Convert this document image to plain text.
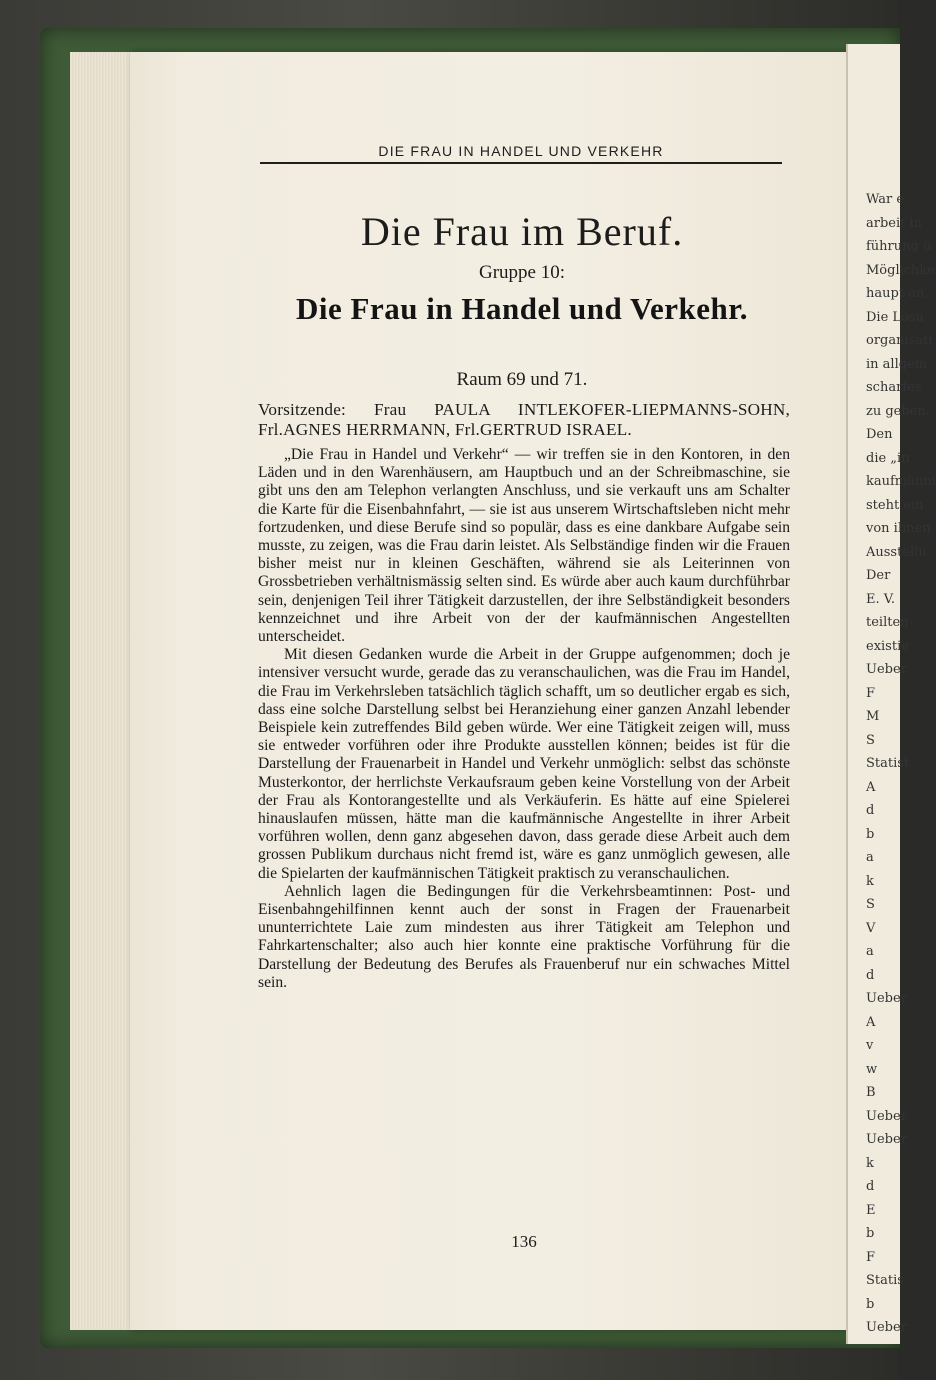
War e
arbeit in
führung ü
Möglichke
haupt an
Die Lösu
organisati
in allgem
scharfes
zu geben.
Den
die „in
kaufmänni
steht ein
von ihnen
Ausstellu
Der
E. V.
teilten
existie
Ueber
F
M
S
Statist
A
d
b
a
k
S
V
a
d
Ueber
A
v
w
B
Ueber
Ueber
k
d
E
b
F
Statis
b
Ueber
DIE FRAU IN HANDEL UND VERKEHR
Die Frau im Beruf.
Gruppe 10:
Die Frau in Handel und Verkehr.
Raum 69 und 71.
Vorsitzende: Frau PAULA INTLEKOFER-LIEPMANNS-SOHN, Frl.AGNES HERRMANN, Frl.GERTRUD ISRAEL.

„Die Frau in Handel und Verkehr“ — wir treffen sie in den Kontoren, in den Läden und in den Warenhäusern, am Hauptbuch und an der Schreibmaschine, sie gibt uns den am Telephon verlangten Anschluss, und sie verkauft uns am Schalter die Karte für die Eisenbahnfahrt, — sie ist aus unserem Wirtschaftsleben nicht mehr fortzudenken, und diese Berufe sind so populär, dass es eine dankbare Aufgabe sein musste, zu zeigen, was die Frau darin leistet. Als Selbständige finden wir die Frauen bisher meist nur in kleinen Geschäften, während sie als Leiterinnen von Grossbetrieben verhältnismässig selten sind. Es würde aber auch kaum durchführbar sein, denjenigen Teil ihrer Tätigkeit darzustellen, der ihre Selbständigkeit besonders kennzeichnet und ihre Arbeit von der der kaufmännischen Angestellten unterscheidet.

Mit diesen Gedanken wurde die Arbeit in der Gruppe aufgenommen; doch je intensiver versucht wurde, gerade das zu veranschaulichen, was die Frau im Handel, die Frau im Verkehrsleben tatsächlich täglich schafft, um so deutlicher ergab es sich, dass eine solche Darstellung selbst bei Heranziehung einer ganzen Anzahl lebender Beispiele kein zutreffendes Bild geben würde. Wer eine Tätigkeit zeigen will, muss sie entweder vorführen oder ihre Produkte ausstellen können; beides ist für die Darstellung der Frauenarbeit in Handel und Verkehr unmöglich: selbst das schönste Musterkontor, der herrlichste Verkaufsraum geben keine Vorstellung von der Arbeit der Frau als Kontorangestellte und als Verkäuferin. Es hätte auf eine Spielerei hinauslaufen müssen, hätte man die kaufmännische Angestellte in ihrer Arbeit vorführen wollen, denn ganz abgesehen davon, dass gerade diese Arbeit auch dem grossen Publikum durchaus nicht fremd ist, wäre es ganz unmöglich gewesen, alle die Spielarten der kaufmännischen Tätigkeit praktisch zu veranschaulichen.

Aehnlich lagen die Bedingungen für die Verkehrsbeamtinnen: Post- und Eisenbahngehilfinnen kennt auch der sonst in Fragen der Frauenarbeit ununterrichtete Laie zum mindesten aus ihrer Tätigkeit am Telephon und Fahrkartenschalter; also auch hier konnte eine praktische Vorführung für die Darstellung der Bedeutung des Berufes als Frauenberuf nur ein schwaches Mittel sein.

136
